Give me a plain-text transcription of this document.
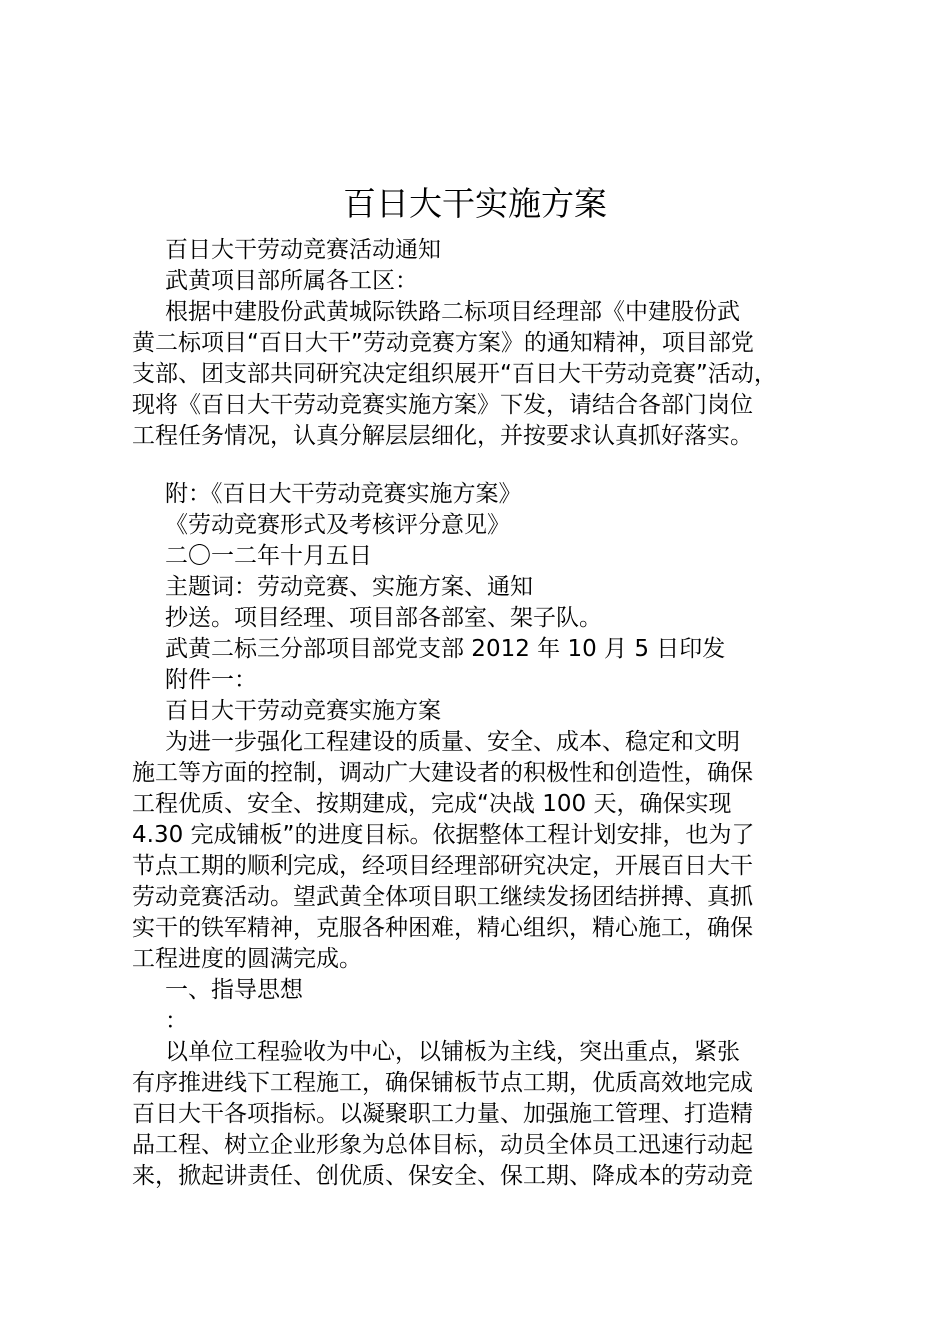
百日大干实施方案
百日大干劳动竞赛活动通知
武黄项目部所属各工区：
根据中建股份武黄城际铁路二标项目经理部《中建股份武
黄二标项目“百日大干”劳动竞赛方案》的通知精神，项目部党
支部、团支部共同研究决定组织展开“百日大干劳动竞赛”活动，
现将《百日大干劳动竞赛实施方案》下发，请结合各部门岗位
工程任务情况，认真分解层层细化，并按要求认真抓好落实。
附：《百日大干劳动竞赛实施方案》
《劳动竞赛形式及考核评分意见》
二〇一二年十月五日
主题词：劳动竞赛、实施方案、通知
抄送。项目经理、项目部各部室、架子队。
武黄二标三分部项目部党支部 2012 年 10 月 5 日印发
附件一：
百日大干劳动竞赛实施方案
为进一步强化工程建设的质量、安全、成本、稳定和文明
施工等方面的控制，调动广大建设者的积极性和创造性，确保
工程优质、安全、按期建成，完成“决战 100 天，确保实现
4.30 完成铺板”的进度目标。依据整体工程计划安排，也为了
节点工期的顺利完成，经项目经理部研究决定，开展百日大干
劳动竞赛活动。望武黄全体项目职工继续发扬团结拼搏、真抓
实干的铁军精神，克服各种困难，精心组织，精心施工，确保
工程进度的圆满完成。
一、指导思想
：
以单位工程验收为中心，以铺板为主线，突出重点，紧张
有序推进线下工程施工，确保铺板节点工期，优质高效地完成
百日大干各项指标。以凝聚职工力量、加强施工管理、打造精
品工程、树立企业形象为总体目标，动员全体员工迅速行动起
来，掀起讲责任、创优质、保安全、保工期、降成本的劳动竞
